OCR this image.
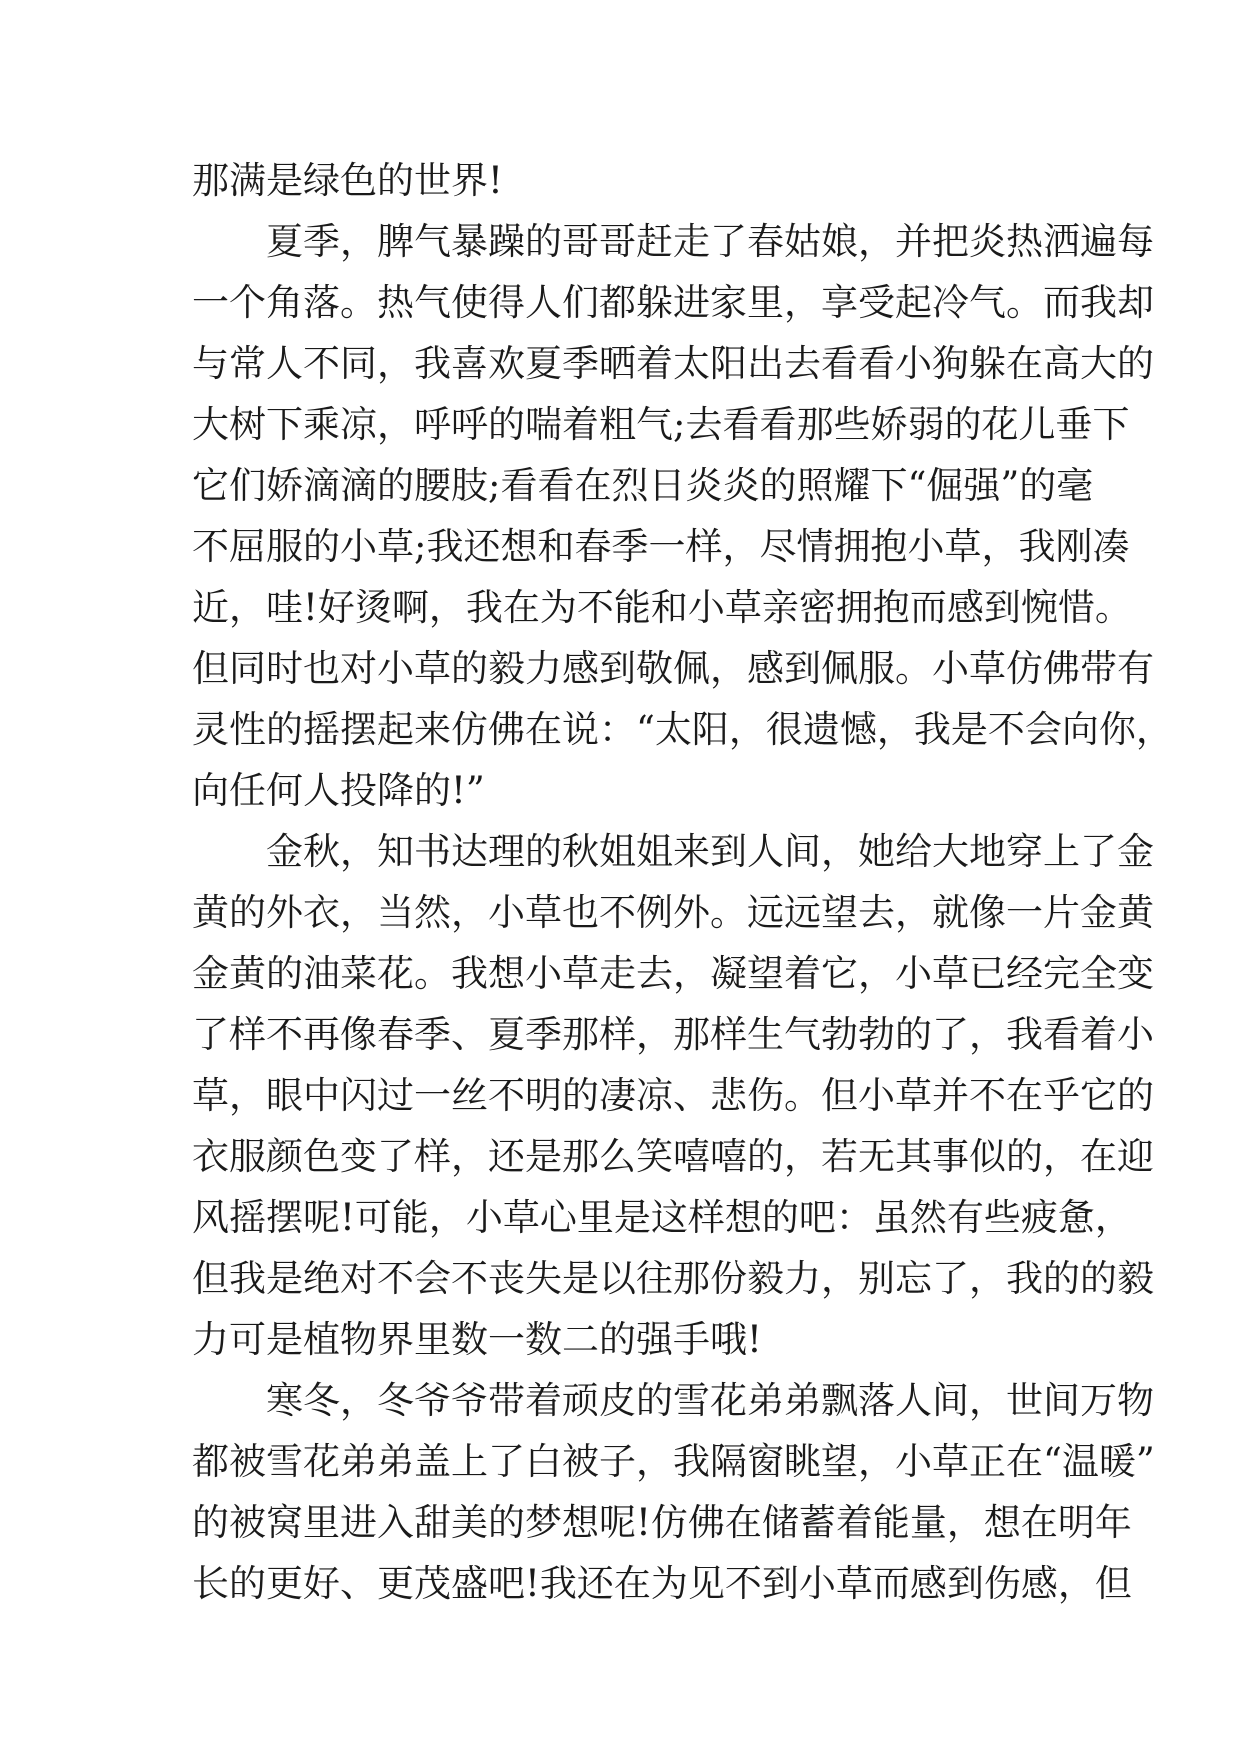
那满是绿色的世界!
　　夏季，脾气暴躁的哥哥赶走了春姑娘，并把炎热洒遍每
一个角落。热气使得人们都躲进家里，享受起冷气。而我却
与常人不同，我喜欢夏季晒着太阳出去看看小狗躲在高大的
大树下乘凉，呼呼的喘着粗气;去看看那些娇弱的花儿垂下
它们娇滴滴的腰肢;看看在烈日炎炎的照耀下“倔强”的毫
不屈服的小草;我还想和春季一样，尽情拥抱小草，我刚凑
近，哇!好烫啊，我在为不能和小草亲密拥抱而感到惋惜。
但同时也对小草的毅力感到敬佩，感到佩服。小草仿佛带有
灵性的摇摆起来仿佛在说：“太阳，很遗憾，我是不会向你，
向任何人投降的!”
　　金秋，知书达理的秋姐姐来到人间，她给大地穿上了金
黄的外衣，当然，小草也不例外。远远望去，就像一片金黄
金黄的油菜花。我想小草走去，凝望着它，小草已经完全变
了样不再像春季、夏季那样，那样生气勃勃的了，我看着小
草，眼中闪过一丝不明的凄凉、悲伤。但小草并不在乎它的
衣服颜色变了样，还是那么笑嘻嘻的，若无其事似的，在迎
风摇摆呢!可能，小草心里是这样想的吧：虽然有些疲惫，
但我是绝对不会不丧失是以往那份毅力，别忘了，我的的毅
力可是植物界里数一数二的强手哦!
　　寒冬，冬爷爷带着顽皮的雪花弟弟飘落人间，世间万物
都被雪花弟弟盖上了白被子，我隔窗眺望，小草正在“温暖”
的被窝里进入甜美的梦想呢!仿佛在储蓄着能量，想在明年
长的更好、更茂盛吧!我还在为见不到小草而感到伤感，但
